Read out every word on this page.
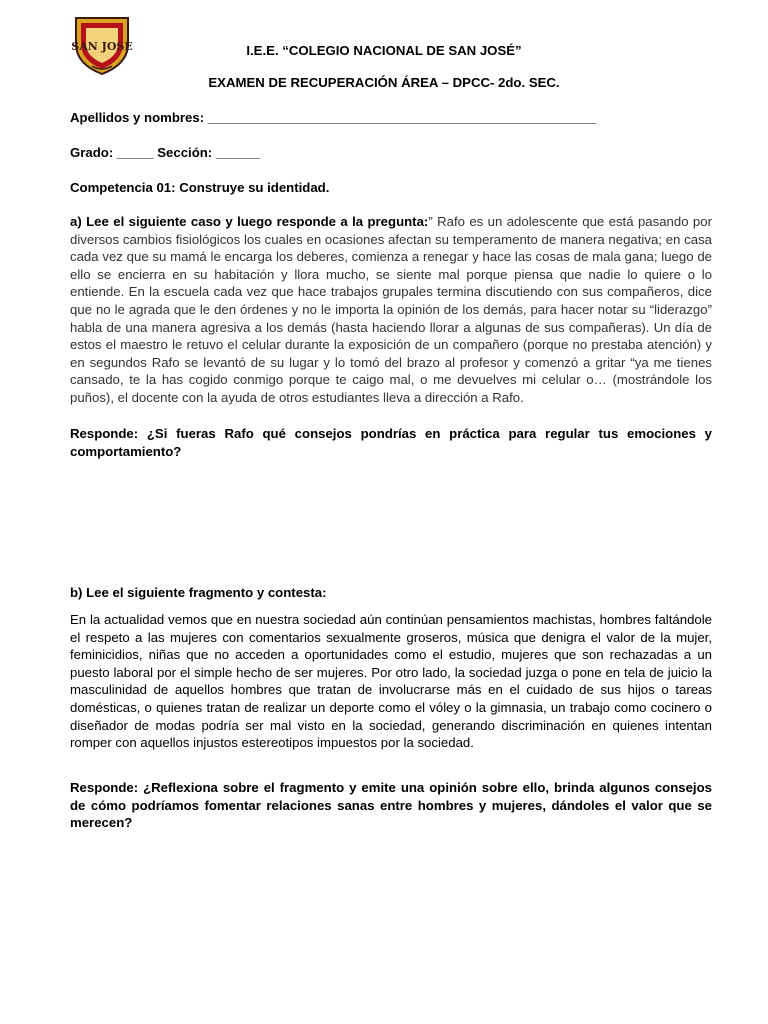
SAN JOSE	I.E.E. “COLEGIO NACIONAL DE SAN JOSÉ”
EXAMEN DE RECUPERACIÓN ÁREA – DPCC- 2do. SEC.
Apellidos y nombres: _____________________________________________________
Grado: _____ Sección: ______
Competencia 01: Construye su identidad.
a) Lee el siguiente caso y luego responde a la pregunta:” Rafo es un adolescente que está pasando por diversos cambios fisiológicos los cuales en ocasiones afectan su temperamento de manera negativa; en casa cada vez que su mamá le encarga los deberes, comienza a renegar y hace las cosas de mala gana; luego de ello se encierra en su habitación y llora mucho, se siente mal porque piensa que nadie lo quiere o lo entiende. En la escuela cada vez que hace trabajos grupales termina discutiendo con sus compañeros, dice que no le agrada que le den órdenes y no le importa la opinión de los demás, para hacer notar su “liderazgo” habla de una manera agresiva a los demás (hasta haciendo llorar a algunas de sus compañeras). Un día de estos el maestro le retuvo el celular durante la exposición de un compañero (porque no prestaba atención) y en segundos Rafo se levantó de su lugar y lo tomó del brazo al profesor y comenzó a gritar “ya me tienes cansado, te la has cogido conmigo porque te caigo mal, o me devuelves mi celular o… (mostrándole los puños), el docente con la ayuda de otros estudiantes lleva a dirección a Rafo.
Responde: ¿Si fueras Rafo qué consejos pondrías en práctica para regular tus emociones y comportamiento?
b) Lee el siguiente fragmento y contesta:
En la actualidad vemos que en nuestra sociedad aún continúan pensamientos machistas, hombres faltándole el respeto a las mujeres con comentarios sexualmente groseros, música que denigra el valor de la mujer, feminicidios, niñas que no acceden a oportunidades como el estudio, mujeres que son rechazadas a un puesto laboral por el simple hecho de ser mujeres. Por otro lado, la sociedad juzga o pone en tela de juicio la masculinidad de aquellos hombres que tratan de involucrarse más en el cuidado de sus hijos o tareas domésticas, o quienes tratan de realizar un deporte como el vóley o la gimnasia, un trabajo como cocinero o diseñador de modas podría ser mal visto en la sociedad, generando discriminación en quienes intentan romper con aquellos injustos estereotipos impuestos por la sociedad.
Responde: ¿Reflexiona sobre el fragmento y emite una opinión sobre ello, brinda algunos consejos de cómo podríamos fomentar relaciones sanas entre hombres y mujeres, dándoles el valor que se merecen?
